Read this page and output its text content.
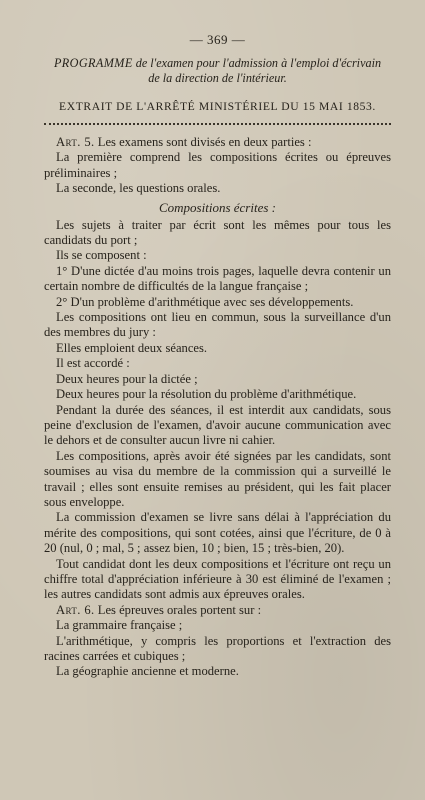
— 369 —
PROGRAMME de l'examen pour l'admission à l'emploi d'écrivain
de la direction de l'intérieur.
EXTRAIT DE L'ARRÊTÉ MINISTÉRIEL DU 15 MAI 1853.

Art. 5. Les examens sont divisés en deux parties :

La première comprend les compositions écrites ou épreuves préliminaires ;

La seconde, les questions orales.

Compositions écrites :

Les sujets à traiter par écrit sont les mêmes pour tous les candidats du port ;

Ils se composent :

1° D'une dictée d'au moins trois pages, laquelle devra contenir un certain nombre de difficultés de la langue française ;

2° D'un problème d'arithmétique avec ses développements.

Les compositions ont lieu en commun, sous la surveillance d'un des membres du jury :

Elles emploient deux séances.

Il est accordé :

Deux heures pour la dictée ;

Deux heures pour la résolution du problème d'arithmétique.

Pendant la durée des séances, il est interdit aux candidats, sous peine d'exclusion de l'examen, d'avoir aucune communication avec le dehors et de consulter aucun livre ni cahier.

Les compositions, après avoir été signées par les candidats, sont soumises au visa du membre de la commission qui a surveillé le travail ; elles sont ensuite remises au président, qui les fait placer sous enveloppe.

La commission d'examen se livre sans délai à l'appréciation du mérite des compositions, qui sont cotées, ainsi que l'écriture, de 0 à 20 (nul, 0 ; mal, 5 ; assez bien, 10 ; bien, 15 ; très-bien, 20).

Tout candidat dont les deux compositions et l'écriture ont reçu un chiffre total d'appréciation inférieure à 30 est éliminé de l'examen ; les autres candidats sont admis aux épreuves orales.

Art. 6. Les épreuves orales portent sur :

La grammaire française ;

L'arithmétique, y compris les proportions et l'extraction des racines carrées et cubiques ;

La géographie ancienne et moderne.
